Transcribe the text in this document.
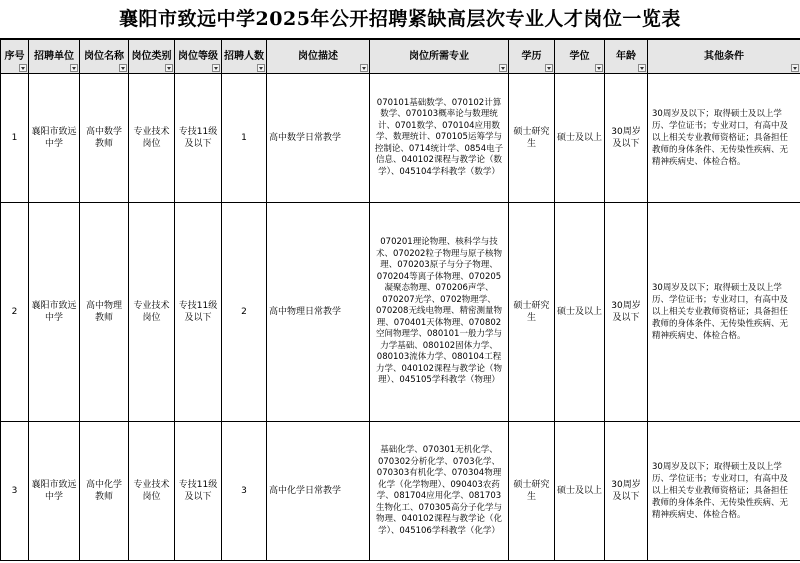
襄阳市致远中学2025年公开招聘紧缺高层次专业人才岗位一览表
序号	招聘单位	岗位名称	岗位类别	岗位等级	招聘人数	岗位描述	岗位所需专业	学历	学位	年龄	其他条件

1	襄阳市致远中学	高中数学教师	专业技术岗位	专技11级及以下	1	高中数学日常教学	070101基础数学、070102计算数学、070103概率论与数理统计、0701数学、070104应用数学、数理统计、070105运筹学与控制论、0714统计学、0854电子信息、040102课程与教学论（数学）、045104学科教学（数学）	硕士研究生	硕士及以上	30周岁及以下	30周岁及以下；取得硕士及以上学历、学位证书；专业对口，有高中及以上相关专业教师资格证；具备担任教师的身体条件、无传染性疾病、无精神疾病史、体检合格。
2	襄阳市致远中学	高中物理教师	专业技术岗位	专技11级及以下	2	高中物理日常教学	070201理论物理、核科学与技术、070202粒子物理与原子核物理、070203原子与分子物理、070204等离子体物理、070205凝聚态物理、070206声学、070207光学、0702物理学、070208无线电物理、精密测量物理、070401天体物理、070802空间物理学、080101一般力学与力学基础、080102固体力学、080103流体力学、080104工程力学、040102课程与教学论（物理）、045105学科教学（物理）	硕士研究生	硕士及以上	30周岁及以下	30周岁及以下；取得硕士及以上学历、学位证书；专业对口，有高中及以上相关专业教师资格证；具备担任教师的身体条件、无传染性疾病、无精神疾病史、体检合格。
3	襄阳市致远中学	高中化学教师	专业技术岗位	专技11级及以下	3	高中化学日常教学	基础化学、070301无机化学、070302分析化学、0703化学、070303有机化学、070304物理化学（化学物理）、090403农药学、081704应用化学、081703生物化工、070305高分子化学与物理、040102课程与教学论（化学）、045106学科教学（化学）	硕士研究生	硕士及以上	30周岁及以下	30周岁及以下；取得硕士及以上学历、学位证书；专业对口，有高中及以上相关专业教师资格证；具备担任教师的身体条件、无传染性疾病、无精神疾病史、体检合格。
